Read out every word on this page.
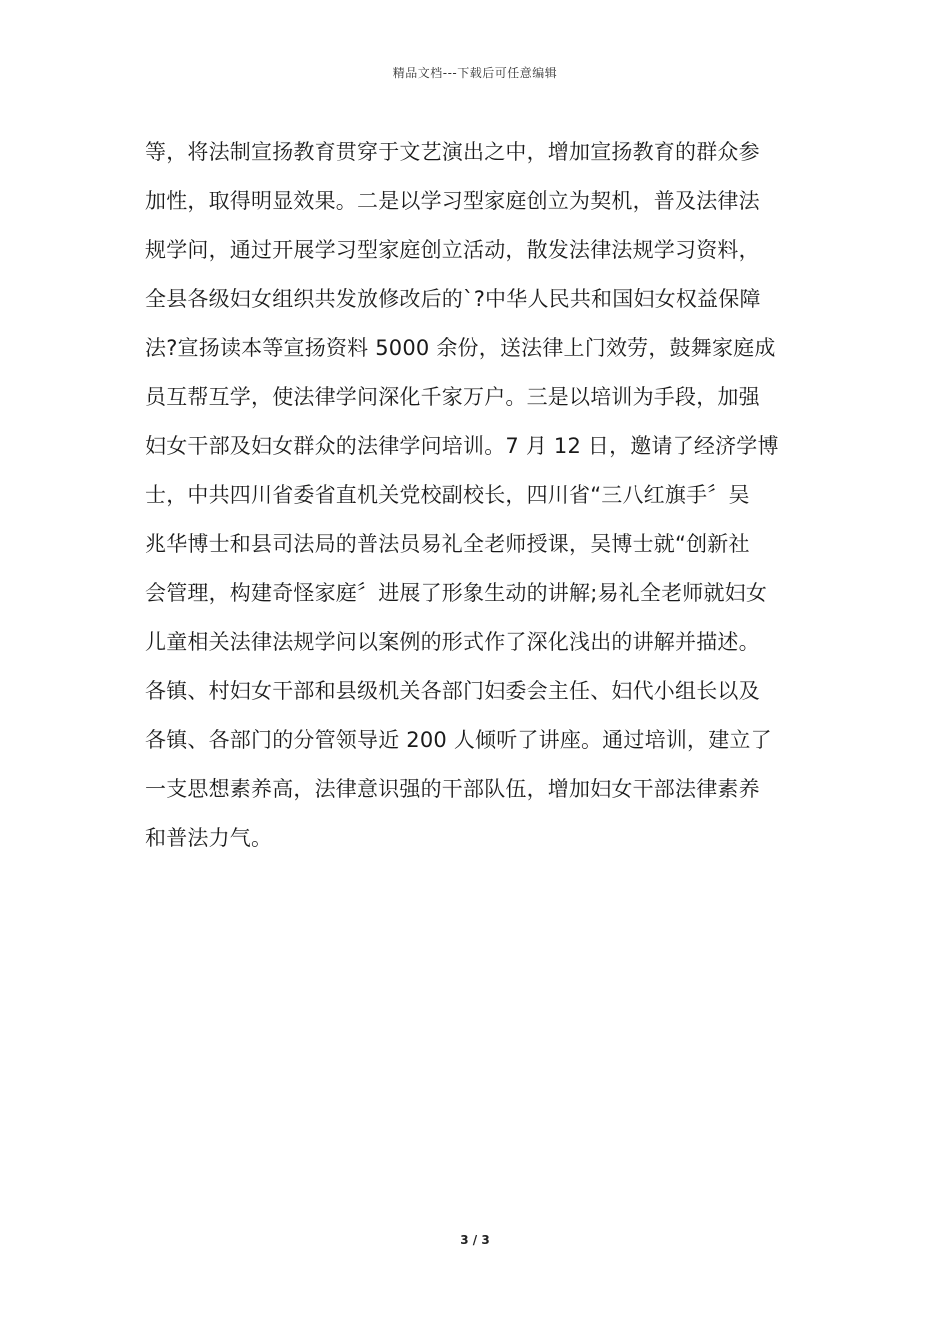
精品文档---下载后可任意编辑
等，将法制宣扬教育贯穿于文艺演出之中，增加宣扬教育的群众参
加性，取得明显效果。二是以学习型家庭创立为契机，普及法律法
规学问，通过开展学习型家庭创立活动，散发法律法规学习资料，
全县各级妇女组织共发放修改后的`?中华人民共和国妇女权益保障
法?宣扬读本等宣扬资料 5000 余份，送法律上门效劳，鼓舞家庭成
员互帮互学，使法律学问深化千家万户。三是以培训为手段，加强
妇女干部及妇女群众的法律学问培训。7 月 12 日，邀请了经济学博
士，中共四川省委省直机关党校副校长，四川省“三八红旗手〞吴
兆华博士和县司法局的普法员易礼全老师授课，吴博士就“创新社
会管理，构建奇怪家庭〞进展了形象生动的讲解;易礼全老师就妇女
儿童相关法律法规学问以案例的形式作了深化浅出的讲解并描述。
各镇、村妇女干部和县级机关各部门妇委会主任、妇代小组长以及
各镇、各部门的分管领导近 200 人倾听了讲座。通过培训，建立了
一支思想素养高，法律意识强的干部队伍，增加妇女干部法律素养
和普法力气。
3 / 3
